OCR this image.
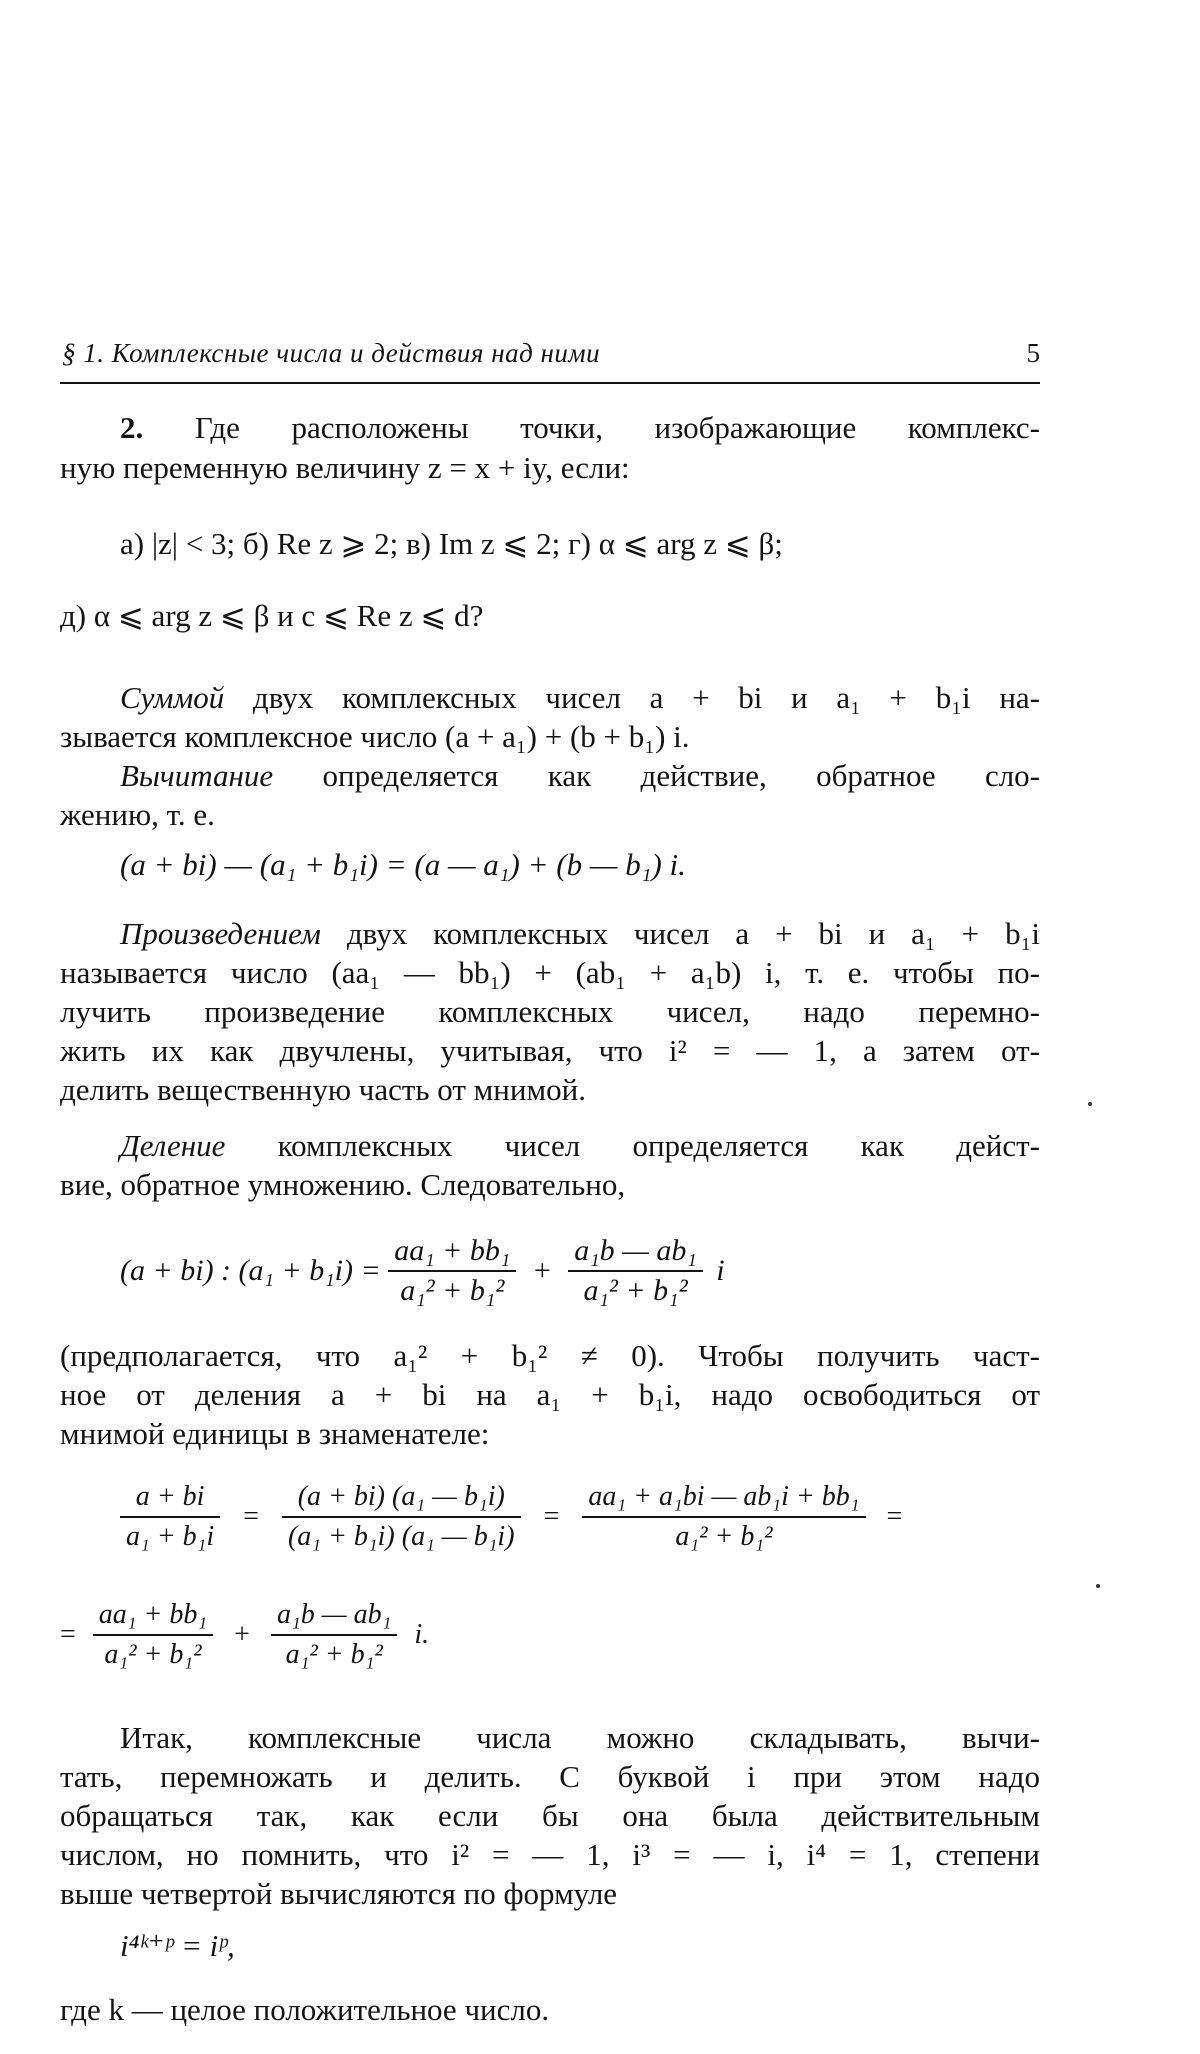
§ 1. Комплексные числа и действия над ними	5
2. Где расположены точки, изображающие комплекс-
ную переменную величину z = x + iy, если:
а) |z| < 3; б) Re z ⩾ 2; в) Im z ⩽ 2; г) α ⩽ arg z ⩽ β;
д) α ⩽ arg z ⩽ β и c ⩽ Re z ⩽ d?
Суммой двух комплексных чисел a + bi и a₁ + b₁i на-
зывается комплексное число (a + a₁) + (b + b₁) i.
Вычитание определяется как действие, обратное сло-
жению, т. е.
(a + bi) — (a₁ + b₁i) = (a — a₁) + (b — b₁) i.
Произведением двух комплексных чисел a + bi и a₁ + b₁i
называется число (aa₁ — bb₁) + (ab₁ + a₁b) i, т. е. чтобы по-
лучить произведение комплексных чисел, надо перемно-
жить их как двучлены, учитывая, что i² = — 1, а затем от-
делить вещественную часть от мнимой.
Деление комплексных чисел определяется как дейст-
вие, обратное умножению. Следовательно,
(a + bi) : $(a_1 + b_1i) = \frac{\text{aa₁ + bb₁}}{\text{a₁² + b₁²}} + \frac{\text{a₁b — ab₁}}{\text{a₁² + b₁²}}$ i
(предполагается, что a₁² + b₁² ≠ 0). Чтобы получить част-
ное от деления a + bi на a₁ + b₁i, надо освободиться от
мнимой единицы в знаменателе:
$\frac{a + bi}{\text{a₁ + b₁i}} = \frac{\text{(a + bi) (a₁ — b₁i)}}{\text{(a₁ + b₁i) (a₁ — b₁i)}} = \frac{\text{aa₁ + a₁bi — ab₁i + bb₁}}{\text{a₁² + b₁²}}$ =
= $\frac{\text{aa₁ + bb₁}}{\text{a₁² + b₁²}} + \frac{\text{a₁b — ab₁}}{\text{a₁² + b₁²}} i$.
Итак, комплексные числа можно складывать, вычи-
тать, перемножать и делить. С буквой i при этом надо
обращаться так, как если бы она была действительным
числом, но помнить, что i² = — 1, i³ = — i, i⁴ = 1, степени
выше четвертой вычисляются по формуле
i⁴ᵏ⁺ᵖ = iᵖ,
где k — целое положительное число.
